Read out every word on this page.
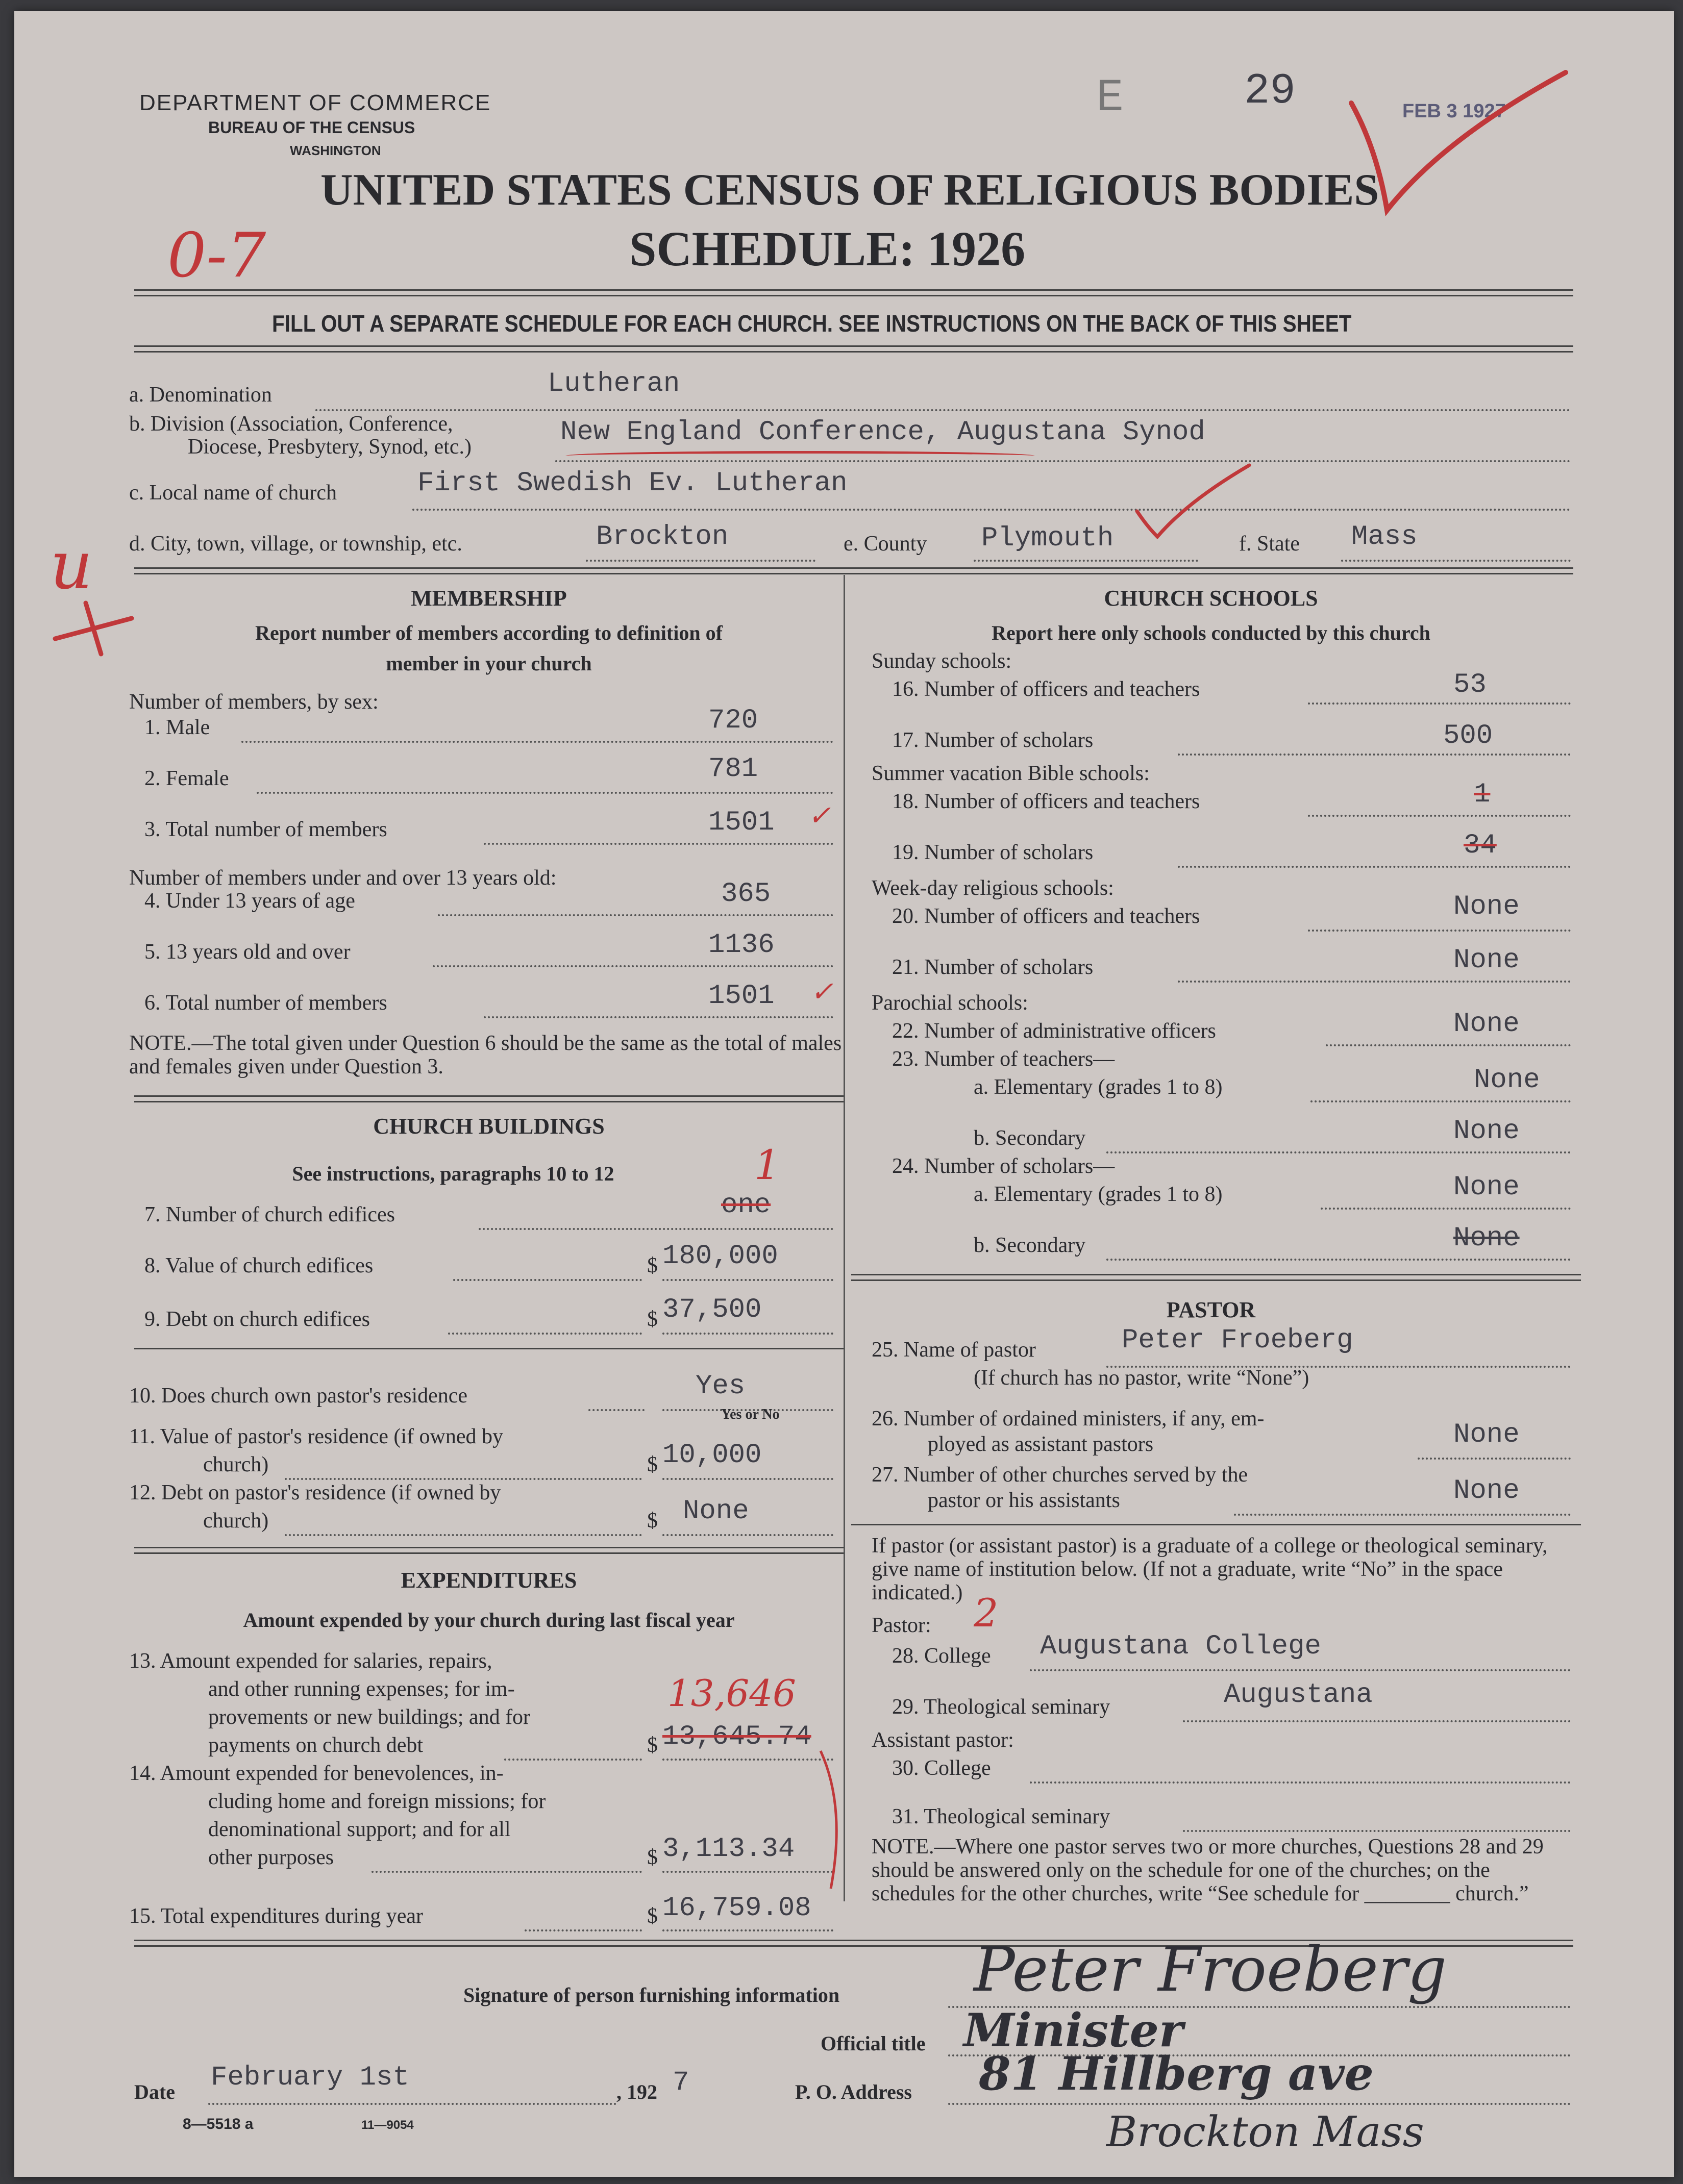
DEPARTMENT OF COMMERCE
BUREAU OF THE CENSUS
WASHINGTON
UNITED STATES CENSUS OF RELIGIOUS BODIES
SCHEDULE: 1926
E	29	FEB 3 1927
0-7
u
FILL OUT A SEPARATE SCHEDULE FOR EACH CHURCH. SEE INSTRUCTIONS ON THE BACK OF THIS SHEET
a. Denomination	Lutheran
b. Division (Association, Conference,
Diocese, Presbytery, Synod, etc.)	New England Conference, Augustana Synod
c. Local name of church	First Swedish Ev. Lutheran
d. City, town, village, or township, etc.	Brockton	e. County Plymouth	f. State Mass
MEMBERSHIP
Report number of members according to definition of
member in your church
Number of members, by sex:
1. Male	720
2. Female	781
3. Total number of members	1501 ✓
Number of members under and over 13 years old:
4. Under 13 years of age	365
5. 13 years old and over	1136
6. Total number of members	1501 ✓
NOTE.—The total given under Question 6 should be the same as the total of males and females given under Question 3.
CHURCH BUILDINGS
See instructions, paragraphs 10 to 12	1
7. Number of church edifices	one
8. Value of church edifices	$ 180,000
9. Debt on church edifices	$ 37,500
10. Does church own pastor's residence	Yes
Yes or No
11. Value of pastor's residence (if owned by
church)	$ 10,000
12. Debt on pastor's residence (if owned by
church)	$ None
EXPENDITURES
Amount expended by your church during last fiscal year
13. Amount expended for salaries, repairs,
and other running expenses; for im-
provements or new buildings; and for
payments on church debt	$ 13,645.74
13,646
14. Amount expended for benevolences, in-
cluding home and foreign missions; for
denominational support; and for all
other purposes	$ 3,113.34
15. Total expenditures during year	$ 16,759.08
CHURCH SCHOOLS
Report here only schools conducted by this church
Sunday schools:
16. Number of officers and teachers	53
17. Number of scholars	500
Summer vacation Bible schools:
18. Number of officers and teachers	1
19. Number of scholars	34
Week-day religious schools:
20. Number of officers and teachers	None
21. Number of scholars	None
Parochial schools:
22. Number of administrative officers	None
23. Number of teachers—
a. Elementary (grades 1 to 8)	None
b. Secondary	None
24. Number of scholars—
a. Elementary (grades 1 to 8)	None
b. Secondary	None
PASTOR
25. Name of pastor	Peter Froeberg
(If church has no pastor, write “None”)
26. Number of ordained ministers, if any, em-
ployed as assistant pastors	None
27. Number of other churches served by the
pastor or his assistants	None
If pastor (or assistant pastor) is a graduate of a college or theological seminary, give name of institution below. (If not a graduate, write “No” in the space indicated.)
Pastor: 2
28. College Augustana College
29. Theological seminary	Augustana
Assistant pastor:
30. College
31. Theological seminary
NOTE.—Where one pastor serves two or more churches, Questions 28 and 29 should be answered only on the schedule for one of the churches; on the schedules for the other churches, write “See schedule for ________ church.”
Signature of person furnishing information Peter Froeberg
Official title Minister
Date February 1st	, 192 7	P. O. Address 81 Hillberg ave
Brockton Mass
8—5518 a	11—9054
